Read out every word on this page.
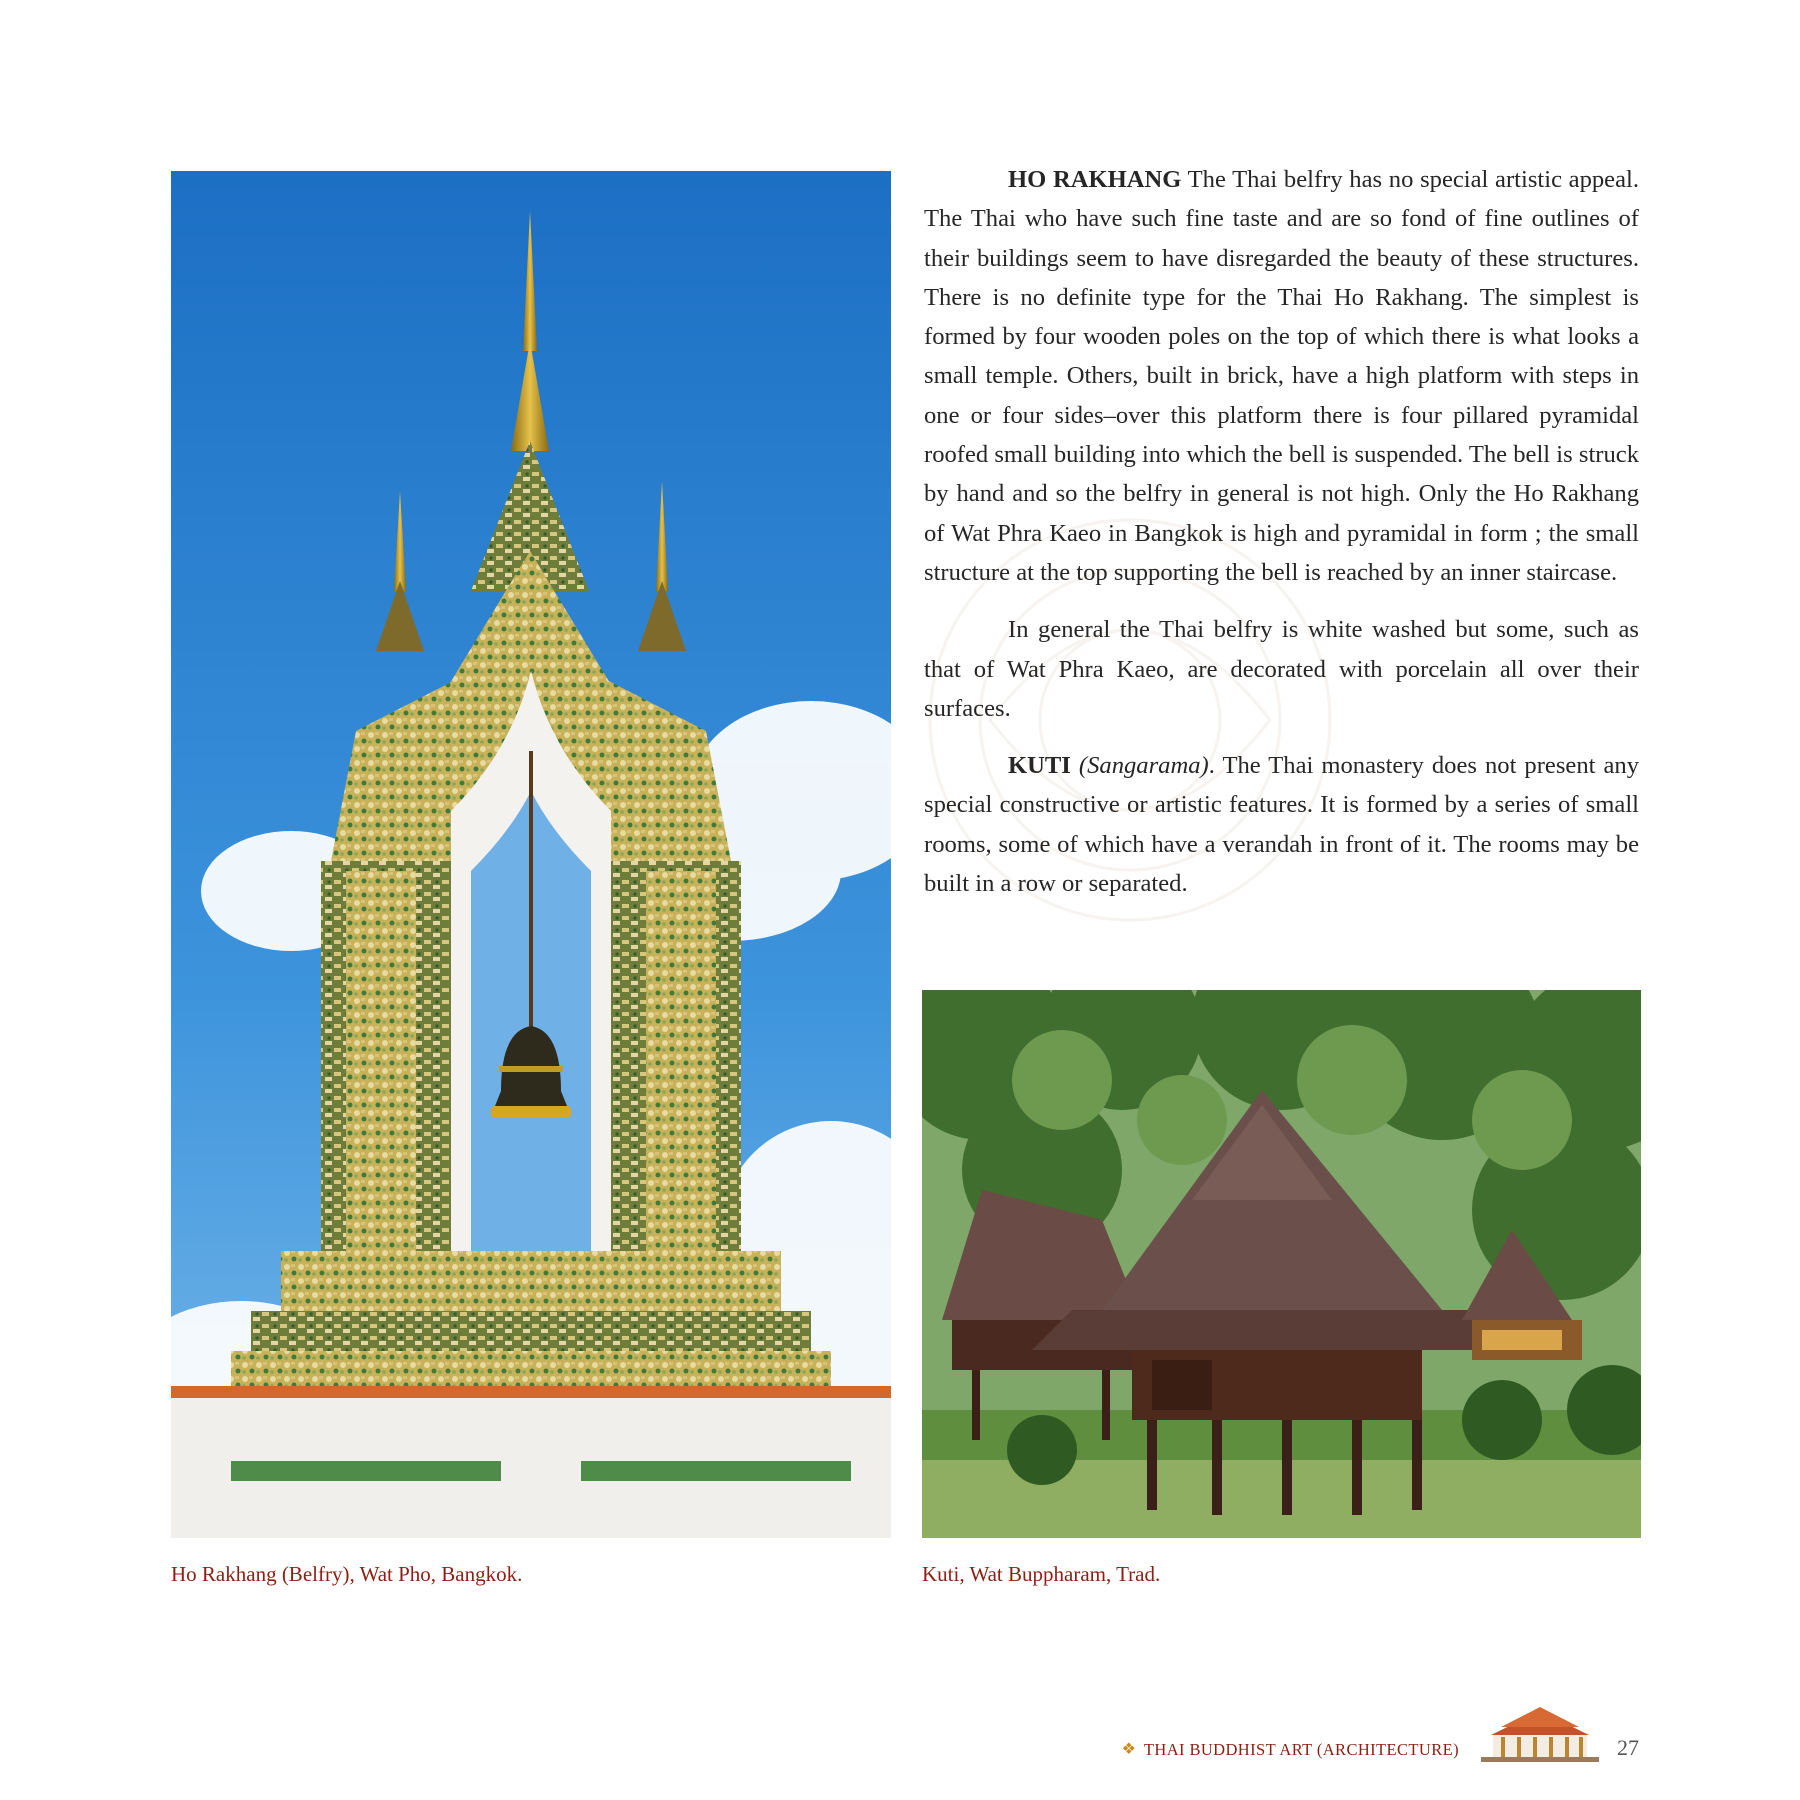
Ho Rakhang (Belfry), Wat Pho, Bangkok.

HO RAKHANG The Thai belfry has no special artistic appeal. The Thai who have such fine taste and are so fond of fine outlines of their buildings seem to have disregarded the beauty of these structures. There is no definite type for the Thai Ho Rakhang. The simplest is formed by four wooden poles on the top of which there is what looks a small temple. Others, built in brick, have a high platform with steps in one or four sides–over this platform there is four pillared pyramidal roofed small building into which the bell is suspended. The bell is struck by hand and so the belfry in general is not high. Only the Ho Rakhang of Wat Phra Kaeo in Bangkok is high and pyramidal in form ; the small structure at the top supporting the bell is reached by an inner staircase.

In general the Thai belfry is white washed but some, such as that of Wat Phra Kaeo, are decorated with porcelain all over their surfaces.

KUTI (Sangarama). The Thai monastery does not present any special constructive or artistic features. It is formed by a series of small rooms, some of which have a verandah in front of it. The rooms may be built in a row or separated.

Kuti, Wat Buppharam, Trad.
❖ THAI BUDDHIST ART (ARCHITECTURE)	27
